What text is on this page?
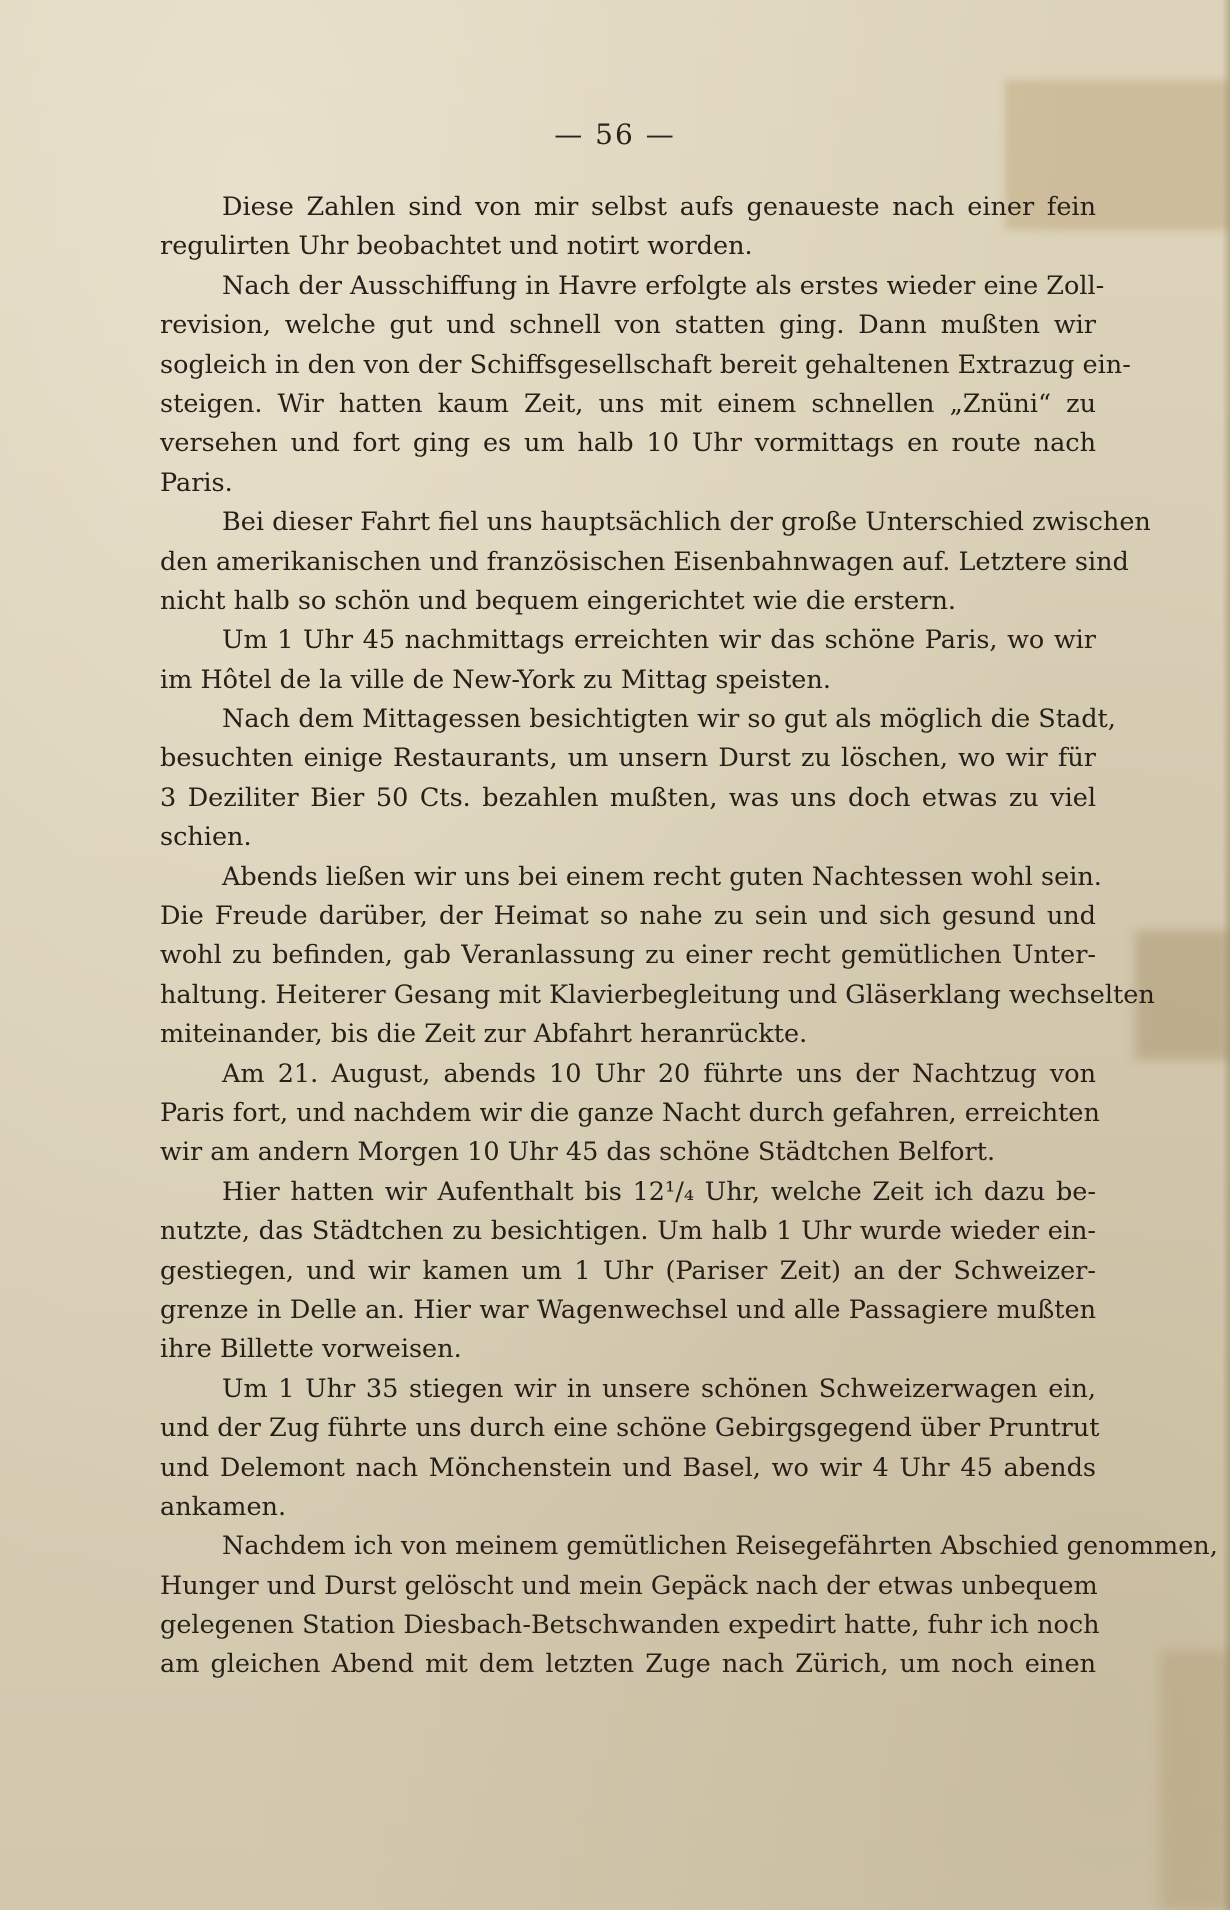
— 56 —
Diese Zahlen sind von mir selbst aufs genaueste nach einer fein
regulirten Uhr beobachtet und notirt worden.
Nach der Ausschiffung in Havre erfolgte als erstes wieder eine Zoll-
revision, welche gut und schnell von statten ging. Dann mußten wir
sogleich in den von der Schiffsgesellschaft bereit gehaltenen Extrazug ein-
steigen. Wir hatten kaum Zeit, uns mit einem schnellen „Znüni“ zu
versehen und fort ging es um halb 10 Uhr vormittags en route nach
Paris.
Bei dieser Fahrt fiel uns hauptsächlich der große Unterschied zwischen
den amerikanischen und französischen Eisenbahnwagen auf. Letztere sind
nicht halb so schön und bequem eingerichtet wie die erstern.
Um 1 Uhr 45 nachmittags erreichten wir das schöne Paris, wo wir
im Hôtel de la ville de New-York zu Mittag speisten.
Nach dem Mittagessen besichtigten wir so gut als möglich die Stadt,
besuchten einige Restaurants, um unsern Durst zu löschen, wo wir für
3 Deziliter Bier 50 Cts. bezahlen mußten, was uns doch etwas zu viel
schien.
Abends ließen wir uns bei einem recht guten Nachtessen wohl sein.
Die Freude darüber, der Heimat so nahe zu sein und sich gesund und
wohl zu befinden, gab Veranlassung zu einer recht gemütlichen Unter-
haltung. Heiterer Gesang mit Klavierbegleitung und Gläserklang wechselten
miteinander, bis die Zeit zur Abfahrt heranrückte.
Am 21. August, abends 10 Uhr 20 führte uns der Nachtzug von
Paris fort, und nachdem wir die ganze Nacht durch gefahren, erreichten
wir am andern Morgen 10 Uhr 45 das schöne Städtchen Belfort.
Hier hatten wir Aufenthalt bis 12¹/₄ Uhr, welche Zeit ich dazu be-
nutzte, das Städtchen zu besichtigen. Um halb 1 Uhr wurde wieder ein-
gestiegen, und wir kamen um 1 Uhr (Pariser Zeit) an der Schweizer-
grenze in Delle an. Hier war Wagenwechsel und alle Passagiere mußten
ihre Billette vorweisen.
Um 1 Uhr 35 stiegen wir in unsere schönen Schweizerwagen ein,
und der Zug führte uns durch eine schöne Gebirgsgegend über Pruntrut
und Delemont nach Mönchenstein und Basel, wo wir 4 Uhr 45 abends
ankamen.
Nachdem ich von meinem gemütlichen Reisegefährten Abschied genommen,
Hunger und Durst gelöscht und mein Gepäck nach der etwas unbequem
gelegenen Station Diesbach-Betschwanden expedirt hatte, fuhr ich noch
am gleichen Abend mit dem letzten Zuge nach Zürich, um noch einen
